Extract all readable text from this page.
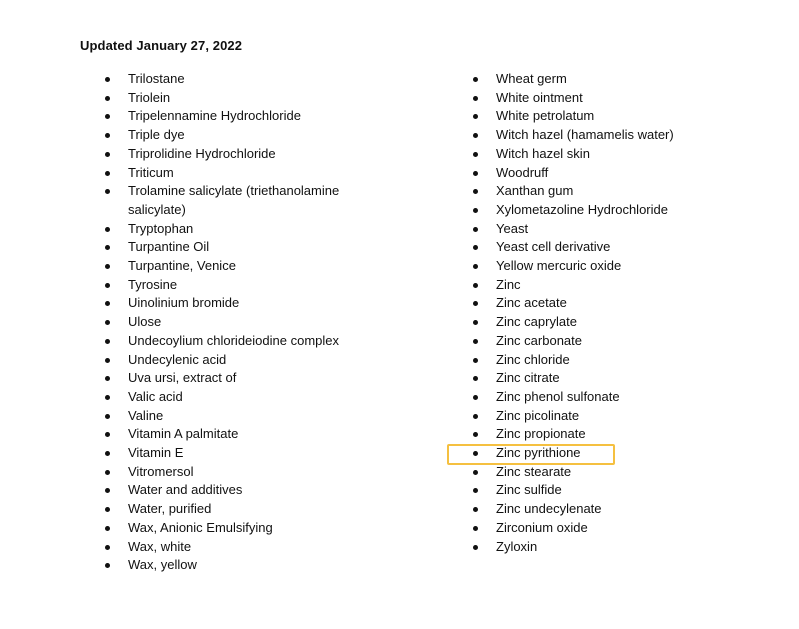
Updated January 27, 2022
Trilostane
Triolein
Tripelennamine Hydrochloride
Triple dye
Triprolidine Hydrochloride
Triticum
Trolamine salicylate (triethanolamine salicylate)
Tryptophan
Turpantine Oil
Turpantine, Venice
Tyrosine
Uinolinium bromide
Ulose
Undecoylium chlorideiodine complex
Undecylenic acid
Uva ursi, extract of
Valic acid
Valine
Vitamin A palmitate
Vitamin E
Vitromersol
Water and additives
Water, purified
Wax, Anionic Emulsifying
Wax, white
Wax, yellow
Wheat germ
White ointment
White petrolatum
Witch hazel (hamamelis water)
Witch hazel skin
Woodruff
Xanthan gum
Xylometazoline Hydrochloride
Yeast
Yeast cell derivative
Yellow mercuric oxide
Zinc
Zinc acetate
Zinc caprylate
Zinc carbonate
Zinc chloride
Zinc citrate
Zinc phenol sulfonate
Zinc picolinate
Zinc propionate
Zinc pyrithione
Zinc stearate
Zinc sulfide
Zinc undecylenate
Zirconium oxide
Zyloxin
